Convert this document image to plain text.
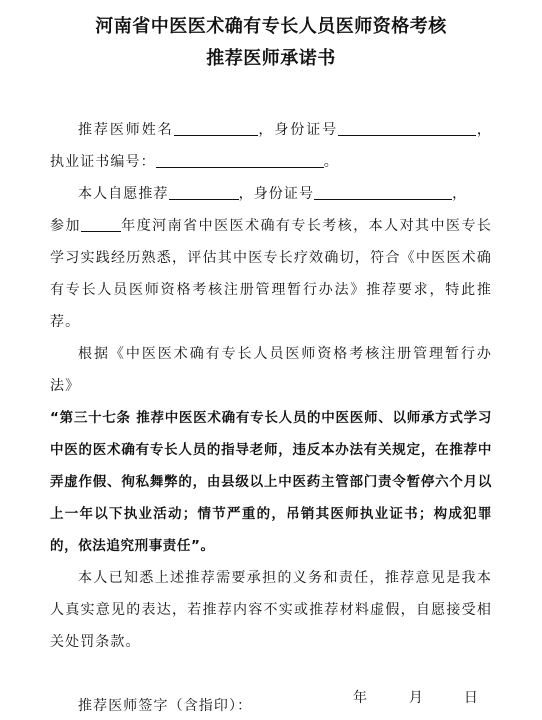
河南省中医医术确有专长人员医师资格考核
推荐医师承诺书

推荐医师姓名	，身份证号	，执业证书编号：	。

本人自愿推荐	，身份证号	，

参加	年度河南省中医医术确有专长考核，本人对其中医专长学习实践经历熟悉，评估其中医专长疗效确切，符合《中医医术确有专长人员医师资格考核注册管理暂行办法》推荐要求，特此推荐。

根据《中医医术确有专长人员医师资格考核注册管理暂行办法》

“第三十七条 推荐中医医术确有专长人员的中医医师、以师承方式学习中医的医术确有专长人员的指导老师，违反本办法有关规定，在推荐中弄虚作假、徇私舞弊的，由县级以上中医药主管部门责令暂停六个月以上一年以下执业活动；情节严重的，吊销其医师执业证书；构成犯罪的，依法追究刑事责任”。

本人已知悉上述推荐需要承担的义务和责任，推荐意见是我本人真实意见的表达，若推荐内容不实或推荐材料虚假，自愿接受相关处罚条款。

推荐医师签字（含指印）：	年	月	日
